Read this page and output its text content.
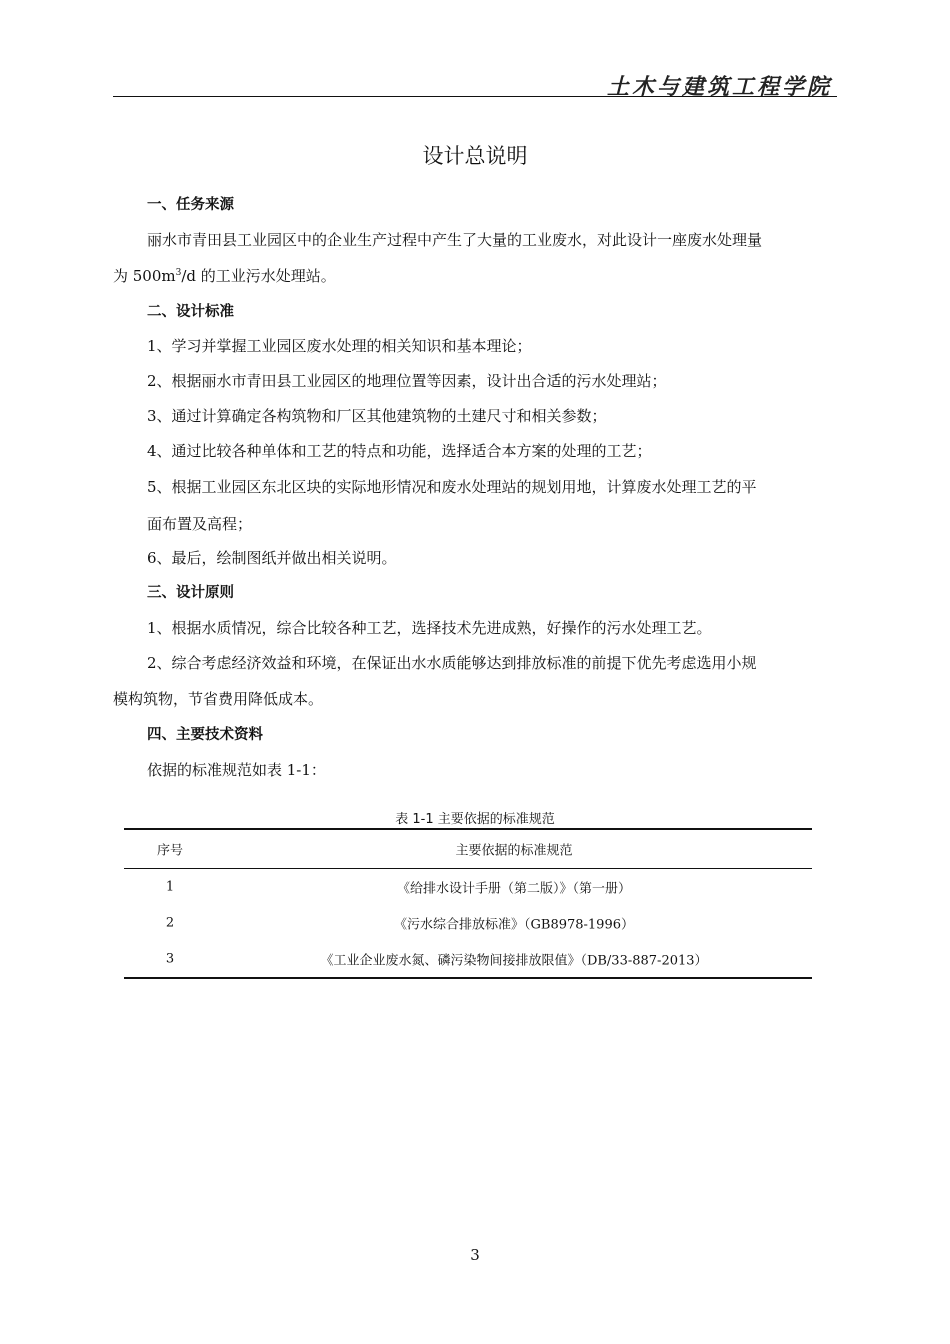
土木与建筑工程学院
设计总说明
一、任务来源
丽水市青田县工业园区中的企业生产过程中产生了大量的工业废水，对此设计一座废水处理量
为 $500m^3/d$ 的工业污水处理站。
二、设计标准
1、学习并掌握工业园区废水处理的相关知识和基本理论；
2、根据丽水市青田县工业园区的地理位置等因素，设计出合适的污水处理站；
3、通过计算确定各构筑物和厂区其他建筑物的土建尺寸和相关参数；
4、通过比较各种单体和工艺的特点和功能，选择适合本方案的处理的工艺；
5、根据工业园区东北区块的实际地形情况和废水处理站的规划用地，计算废水处理工艺的平
面布置及高程；
6、最后，绘制图纸并做出相关说明。
三、设计原则
1、根据水质情况，综合比较各种工艺，选择技术先进成熟，好操作的污水处理工艺。
2、综合考虑经济效益和环境，在保证出水水质能够达到排放标准的前提下优先考虑选用小规
模构筑物，节省费用降低成本。
四、主要技术资料
依据的标准规范如表 1-1：
表 1-1 主要依据的标准规范
序号	主要依据的标准规范
1	《给排水设计手册（第二版）》（第一册）
2	《污水综合排放标准》（GB8978-1996）
3	《工业企业废水氮、磷污染物间接排放限值》（DB/33-887-2013）
3
